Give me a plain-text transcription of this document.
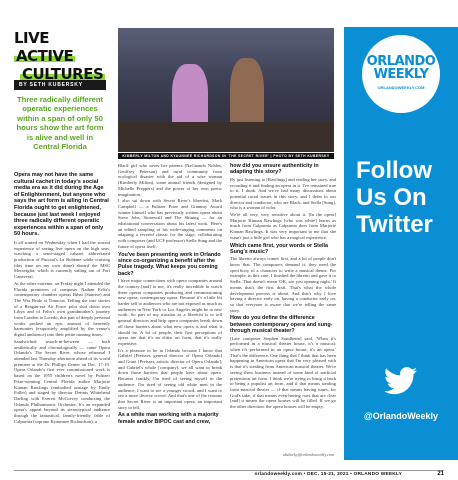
LIVE
ACTIVE
CULTURES
BY SETH KUBERSKY
Three radically different operatic experiences within a span of only 50 hours show the art form is alive and well in Central Florida

Opera may not have the same cultural cachet in today's social media era as it did during the Age of Enlightenment, but anyone who says the art form is ailing in Central Florida ought to get enlightened, because just last week I enjoyed three radically different operatic experiences within a span of only 50 hours.

It all started on Wednesday when I had the surreal experience of seeing live opera on the high seas, watching a semi-staged cabaret abbreviated production of Puccini's La Bohème while cruising (this time on my own dime) aboard the MSC Meraviglia, which is currently sailing out of Port Canaveral.

At the other extreme, on Friday night I attended the Florida premieres of composer Nathan Felix's contemporary chamber operas Bibai (Sunrise) and The War Bride at Timucua. Telling the true stories of a Reagan-era Air Force pilot shot down over Libya and of Felix's own grandmother's journey from London to Loredo, this pair of deeply personal works packed an epic amount of heavenly harmonies (exquisitely amplified by the venue's digital ambience) into their petite running times.

Sandwiched smack-in-between — both aesthetically and chronologically — came Opera Orlando's The Secret River, whose rehearsal I attended last Thursday afternoon ahead of its world premiere at the Dr. Phillips Center on Dec. 17-19. Opera Orlando's first ever commissioned work is based on the 1955 children's novel by Pulitzer Prize-winning Central Florida author Marjorie Kinnan Rawlings (embodied onstage by Emily Fuller) and staged by director Dennis Whitehead Darling with Everett McCorvey conducting the Orlando Philharmonic Orchestra. It's an expanded opera's appeal beyond its stereotypical audience through the fantastical, family-friendly fable of Calpurnia (soprano Kyaunnee Richardson), a

KIMBERLY MILTON AND KYAUNNEE RICHARDSON IN 'THE SECRET RIVER' | PHOTO BY SETH KUBERSKY

Black girl who saves her parents (NaGuanda Nobles, Geoffrey Peterson) and rural community from ecological disaster with the aid of a wise woman (Kimberly Milton), some animal friends (designed by Michelle Preppers) and the power of her own poetic imagination.

I also sat down with Secret River's librettist, Mark Campbell — a Pulitzer Prize and Grammy Award winner himself who has previously written opera about Steve Jobs, Stonewall and The Shining — for an educational conversation about his latest work. Here's an edited sampling of his wide-ranging comments on adapting a revered classic for the stage, collaborating with composer (and UCF professor) Stella Sung and the future of opera itself.

You've been presenting work in Orlando since co-organizing a benefit after the Pulse tragedy. What keeps you coming back?

I have major connections with opera companies around the country [and] to me, it's really incredible to watch these operas companies producing and commissioning new opera, contemporary opera. Because it's a little bit harder sell to audiences who are not exposed as much as audiences in New York or Los Angeles might be to new work. So part of my mission as a librettist is to tell general directors and help opera companies break down all these barriers about what new opera is and what it should be. A lot of people, their first perceptions of opera are that it's an elitist art form, that it's really expensive.

It's a pleasure to be in Orlando because I know that Gabriel [Preisser, general director of Opera Orlando] and Grant [Preisser, artistic director of Opera Orlando], and Gabriel's whole [company], we all want to break down those barriers that people have about opera. Because frankly, I'm tired of seeing myself in the audience. I'm tired of seeing old white men in the audience; I want to see a younger crowd, and I want to see a more diverse crowd. And that's one of the reasons that Secret River is an important opera, an important story to tell.

As a white man working with a majority female and/or BIPOC cast and crew,

how did you ensure authenticity in adapting this story?

By just listening to [Rawlings] and reading her story, and recording it and finding an opera in it. I've remained true to it. I think. And we've had many discussions about potential racial issues in this story, and I defer to our director and conductor, who are Black, and Stella [Sung], who is a woman of color.

We're all very, very sensitive about it. [In the opera] Marjorie Kinnan Rawlings [who was white] learns as much from Calpurnia as Calpurnia does from Marjorie Kinnan Rawlings. It was very important to me that she wasn't just a little girl who has a magical experience.

Which came first, your words or Stella Sung's music?

The libretto always comes first, and a lot of people don't know that. The composers demand it; they need the specificity of a character to write a musical theme. For example, in this case, I finished the libretto and gave it to Stella. That doesn't mean 'OK, see you opening night.' It means that's the first draft. That's what the whole development process is about. And that's why I love having a director early on, having a conductor early on, so that everyone is aware that we're telling the same story.

How do you define the difference between contemporary opera and sung-through musical theater?

[Late composer Stephen Sondheim] said, 'When it's performed in a musical theater house, it's a musical; when it's performed in an opera house, it's an opera.' That's the difference. One thing that I think that has been happening in American opera that I'm very pleased with is that it's stealing from American musical theater. We're seeing show business instead of some kind of artificial pretentious art form. I think we're trying to bring it back to being a populist art form, and if that means stealing from musical theater — if that means having tunes, for God's sake, if that means even having cues that are clear [and] it means the opera houses will be filled. If we go the other direction, the opera houses will be empty.

skuberky@orlandoweekly.com
ORLANDO
WEEKLY
ORLANDOWEEKLY.COM
Follow Us On Twitter
@OrlandoWeekly
orlandoweekly.com • DEC. 15-21, 2021 • ORLANDO WEEKLY	21
